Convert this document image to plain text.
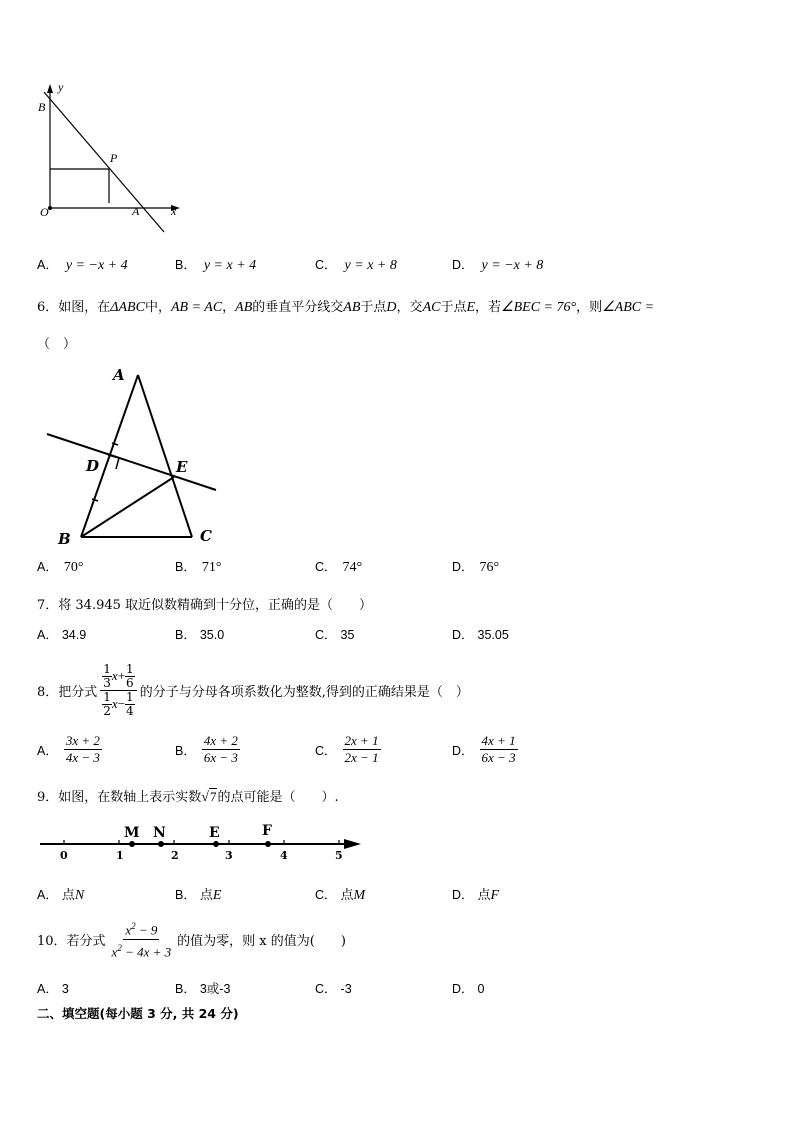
y
B
P
O	A	x
A． y = −x + 4	B． y = x + 4	C． y = x + 8	D． y = −x + 8
6．如图，在ΔABC中，AB = AC，AB的垂直平分线交AB于点D，交AC于点E，若∠BEC = 76°，则∠ABC =
（　）
A
D	E
B	C
A． 70°	B． 71°	C． 74°	D． 76°
7．将 34.945 取近似数精确到十分位，正确的是（　　）
A． 34.9	B． 35.0	C． 35	D． 35.05
8．把分式 $\frac{\frac{1}{3} x + \frac{1}{6}}{\frac{1}{2} x - \frac{1}{4}}$ 的分子与分母各项系数化为整数,得到的正确结果是（　）
A． $\frac{3x + 2}{4x - 3}$	B． $\frac{4x + 2}{6x - 3}$	C． $\frac{2x + 1}{2x - 1}$	D． $\frac{4x + 1}{6x - 3}$
9．如图，在数轴上表示实数√7的点可能是（　　）.
M N	E	F
0	1	2	3	4	5
A． 点N	B． 点E	C． 点M	D． 点F
10．若分式 $\frac{x^2 - 9}{x^2 - 4x + 3}$ 的值为零，则 x 的值为(　　)
A． 3	B． 3或-3	C． -3	D． 0
二、填空题(每小题 3 分, 共 24 分)
